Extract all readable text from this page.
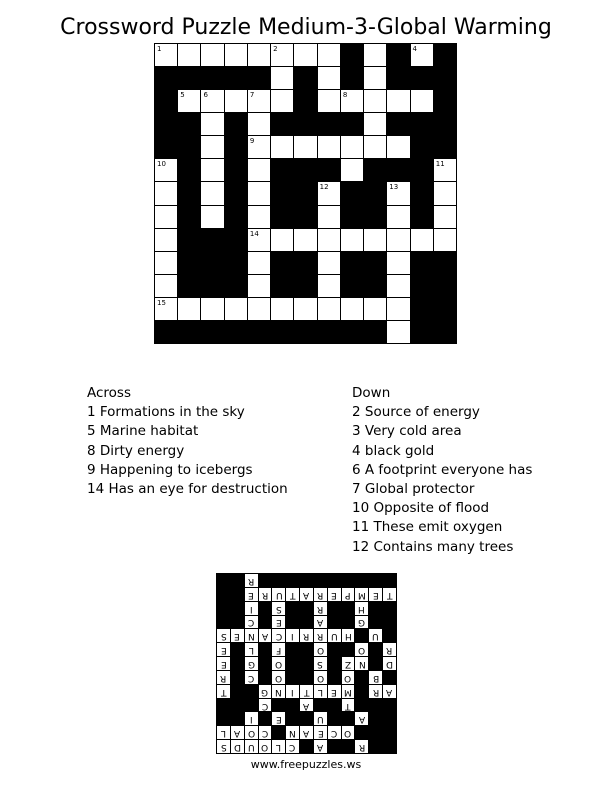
Crossword Puzzle Medium-3-Global Warming
1	2	3	4
5	6	7	8
9
10	11
12	13
14
15
Across
1 Formations in the sky
5 Marine habitat
8 Dirty energy
9 Happening to icebergs
14 Has an eye for destruction
Down
2 Source of energy
3 Very cold area
4 black gold
6 A footprint everyone has
7 Global protector
10 Opposite of flood
11 These emit oxygen
12 Contains many trees
R
E R U T A R E P M E T
I	S	R	H
C E	A	G
S E N A C I R R U H U
E L	F	O	O R
E G O	S Z N D
R C O	O O B
T	G N I T L E M R A
C	A	T
I	E	U	A
L A O C N A E C O
S D U O L C A	R
www.freepuzzles.ws
